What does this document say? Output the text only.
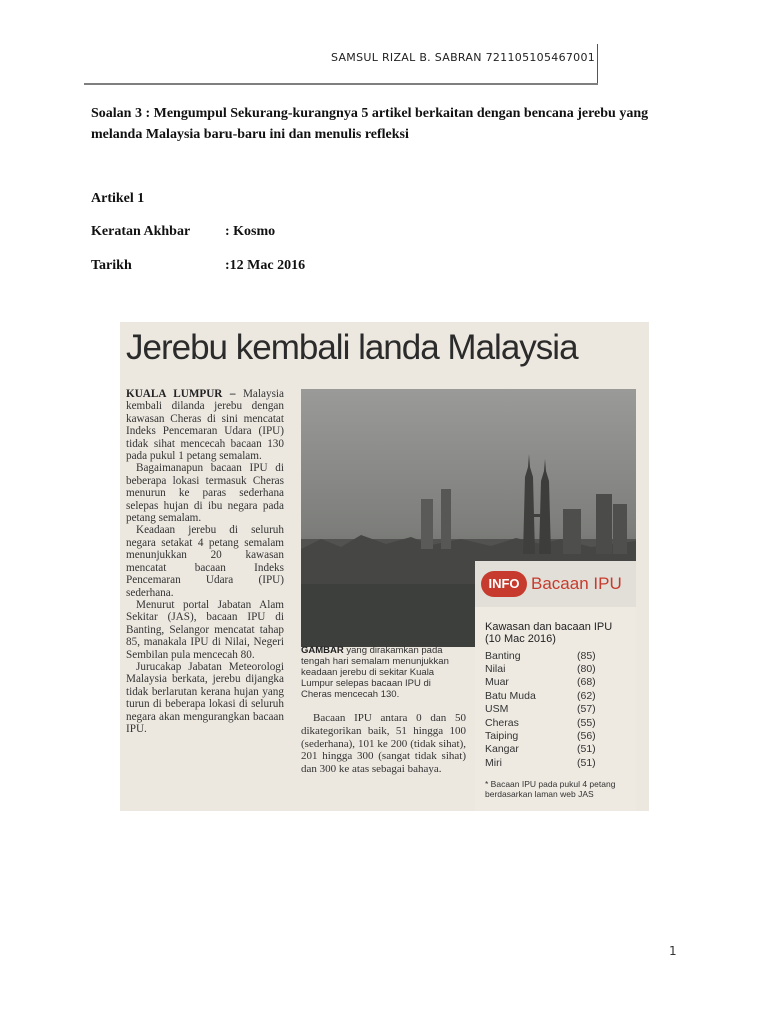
SAMSUL RIZAL B. SABRAN 721105105467001
Soalan 3 : Mengumpul Sekurang-kurangnya 5 artikel berkaitan dengan bencana jerebu yang melanda Malaysia baru-baru ini dan menulis refleksi
Artikel 1
Keratan Akhbar : Kosmo
Tarikh	:12 Mac 2016
Jerebu kembali landa Malaysia

KUALA LUMPUR – Malaysia kembali dilanda jerebu dengan kawasan Cheras di sini mencatat Indeks Pencemaran Udara (IPU) tidak sihat mencecah bacaan 130 pada pukul 1 petang semalam.

Bagaimanapun bacaan IPU di beberapa lokasi termasuk Cheras menurun ke paras sederhana selepas hujan di ibu negara pada petang semalam.

Keadaan jerebu di seluruh negara setakat 4 petang semalam menunjukkan 20 kawasan mencatat bacaan Indeks Pencemaran Udara (IPU) sederhana.

Menurut portal Jabatan Alam Sekitar (JAS), bacaan IPU di Banting, Selangor mencatat tahap 85, manakala IPU di Nilai, Negeri Sembilan pula mencecah 80.

Jurucakap Jabatan Meteorologi Malaysia berkata, jerebu dijangka tidak berlarutan kerana hujan yang turun di beberapa lokasi di seluruh negara akan mengurangkan bacaan IPU.

GAMBAR yang dirakamkan pada tengah hari semalam menunjukkan keadaan jerebu di sekitar Kuala Lumpur selepas bacaan IPU di Cheras mencecah 130.
Bacaan IPU antara 0 dan 50 dikategorikan baik, 51 hingga 100 (sederhana), 101 ke 200 (tidak sihat), 201 hingga 300 (sangat tidak sihat) dan 300 ke atas sebagai bahaya.
INFO Bacaan IPU
Kawasan dan bacaan IPU
(10 Mac 2016)
Banting	(85)
Nilai	(80)
Muar	(68)
Batu Muda	(62)
USM	(57)
Cheras	(55)
Taiping	(56)
Kangar	(51)
Miri	(51)
* Bacaan IPU pada pukul 4 petang berdasarkan laman web JAS
1
